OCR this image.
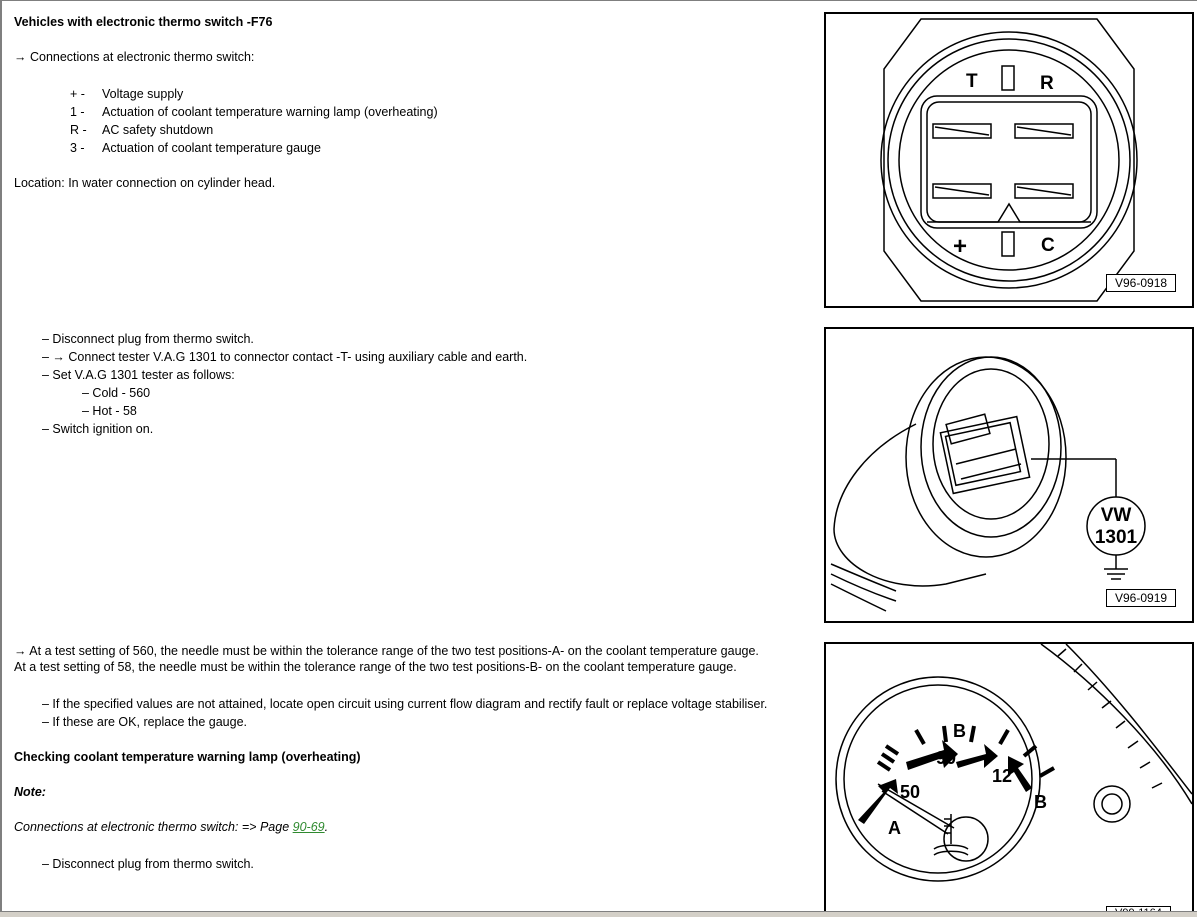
Vehicles with electronic thermo switch -F76
→ Connections at electronic thermo switch:
+ - Voltage supply
1 - Actuation of coolant temperature warning lamp (overheating)
R - AC safety shutdown
3 - Actuation of coolant temperature gauge
Location: In water connection on cylinder head.
– Disconnect plug from thermo switch.
– → Connect tester V.A.G 1301 to connector contact -T- using auxiliary cable and earth.
– Set V.A.G 1301 tester as follows:
– Cold - 560
– Hot - 58
– Switch ignition on.
→ At a test setting of 560, the needle must be within the tolerance range of the two test positions-A- on the coolant temperature gauge.
At a test setting of 58, the needle must be within the tolerance range of the two test positions-B- on the coolant temperature gauge.
– If the specified values are not attained, locate open circuit using current flow diagram and rectify fault or replace voltage stabiliser.
– If these are OK, replace the gauge.
Checking coolant temperature warning lamp (overheating)
Note:
Connections at electronic thermo switch: => Page 90-69.
– Disconnect plug from thermo switch.
T	R
+	C
V96-0918
VW
1301
V96-0919
50
90
12
A
B
B
